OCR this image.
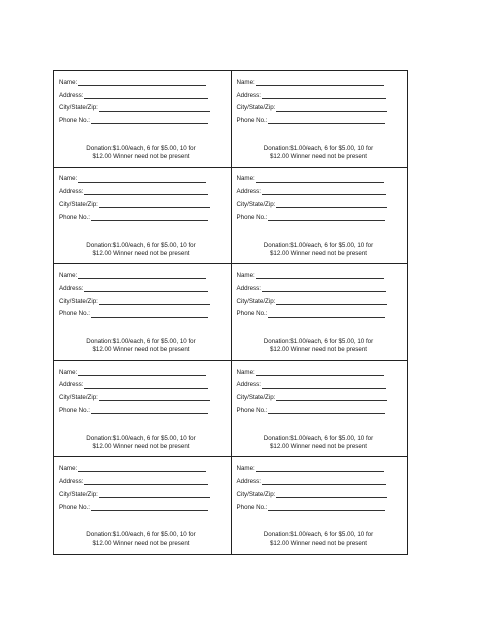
Name:
Address:
City/State/Zip:
Phone No.:
Donation:$1.00/each, 6 for $5.00, 10 for $12.00 Winner need not be present
Name:
Address:
City/State/Zip:
Phone No.:
Donation:$1.00/each, 6 for $5.00, 10 for $12.00 Winner need not be present
Name:
Address:
City/State/Zip:
Phone No.:
Donation:$1.00/each, 6 for $5.00, 10 for $12.00 Winner need not be present
Name:
Address:
City/State/Zip:
Phone No.:
Donation:$1.00/each, 6 for $5.00, 10 for $12.00 Winner need not be present
Name:
Address:
City/State/Zip:
Phone No.:
Donation:$1.00/each, 6 for $5.00, 10 for $12.00 Winner need not be present
Name:
Address:
City/State/Zip:
Phone No.:
Donation:$1.00/each, 6 for $5.00, 10 for $12.00 Winner need not be present
Name:
Address:
City/State/Zip:
Phone No.:
Donation:$1.00/each, 6 for $5.00, 10 for $12.00 Winner need not be present
Name:
Address:
City/State/Zip:
Phone No.:
Donation:$1.00/each, 6 for $5.00, 10 for $12.00 Winner need not be present
Name:
Address:
City/State/Zip:
Phone No.:
Donation:$1.00/each, 6 for $5.00, 10 for $12.00 Winner need not be present
Name:
Address:
City/State/Zip:
Phone No.:
Donation:$1.00/each, 6 for $5.00, 10 for $12.00 Winner need not be present
